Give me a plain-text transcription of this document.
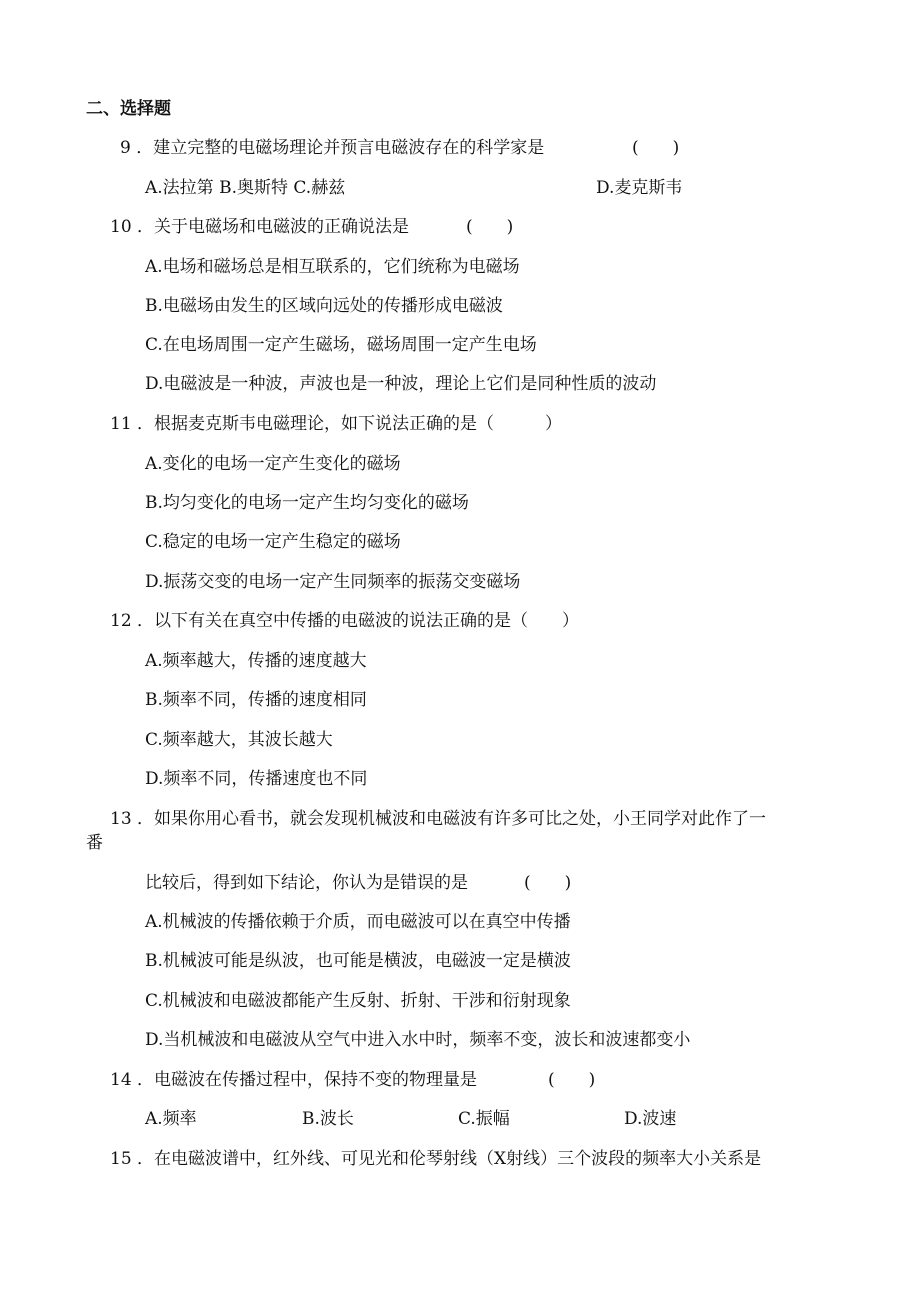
二、选择题
9 ．建立完整的电磁场理论并预言电磁波存在的科学家是	(　　)
A.法拉第 B.奥斯特 C.赫兹	D.麦克斯韦
10 ．关于电磁场和电磁波的正确说法是	(　　)
A.电场和磁场总是相互联系的，它们统称为电磁场
B.电磁场由发生的区域向远处的传播形成电磁波
C.在电场周围一定产生磁场，磁场周围一定产生电场
D.电磁波是一种波，声波也是一种波，理论上它们是同种性质的波动
11 ．根据麦克斯韦电磁理论，如下说法正确的是（　　　）
A.变化的电场一定产生变化的磁场
B.均匀变化的电场一定产生均匀变化的磁场
C.稳定的电场一定产生稳定的磁场
D.振荡交变的电场一定产生同频率的振荡交变磁场
12 ．以下有关在真空中传播的电磁波的说法正确的是（　　）
A.频率越大，传播的速度越大
B.频率不同，传播的速度相同
C.频率越大，其波长越大
D.频率不同，传播速度也不同
13 ．如果你用心看书，就会发现机械波和电磁波有许多可比之处，小王同学对此作了一
番
比较后，得到如下结论，你认为是错误的是	(　　)
A.机械波的传播依赖于介质，而电磁波可以在真空中传播
B.机械波可能是纵波，也可能是横波，电磁波一定是横波
C.机械波和电磁波都能产生反射、折射、干涉和衍射现象
D.当机械波和电磁波从空气中进入水中时，频率不变，波长和波速都变小
14 ．电磁波在传播过程中，保持不变的物理量是	(　　)
A.频率	B.波长	C.振幅	D.波速
15 ．在电磁波谱中，红外线、可见光和伦琴射线（X射线）三个波段的频率大小关系是
